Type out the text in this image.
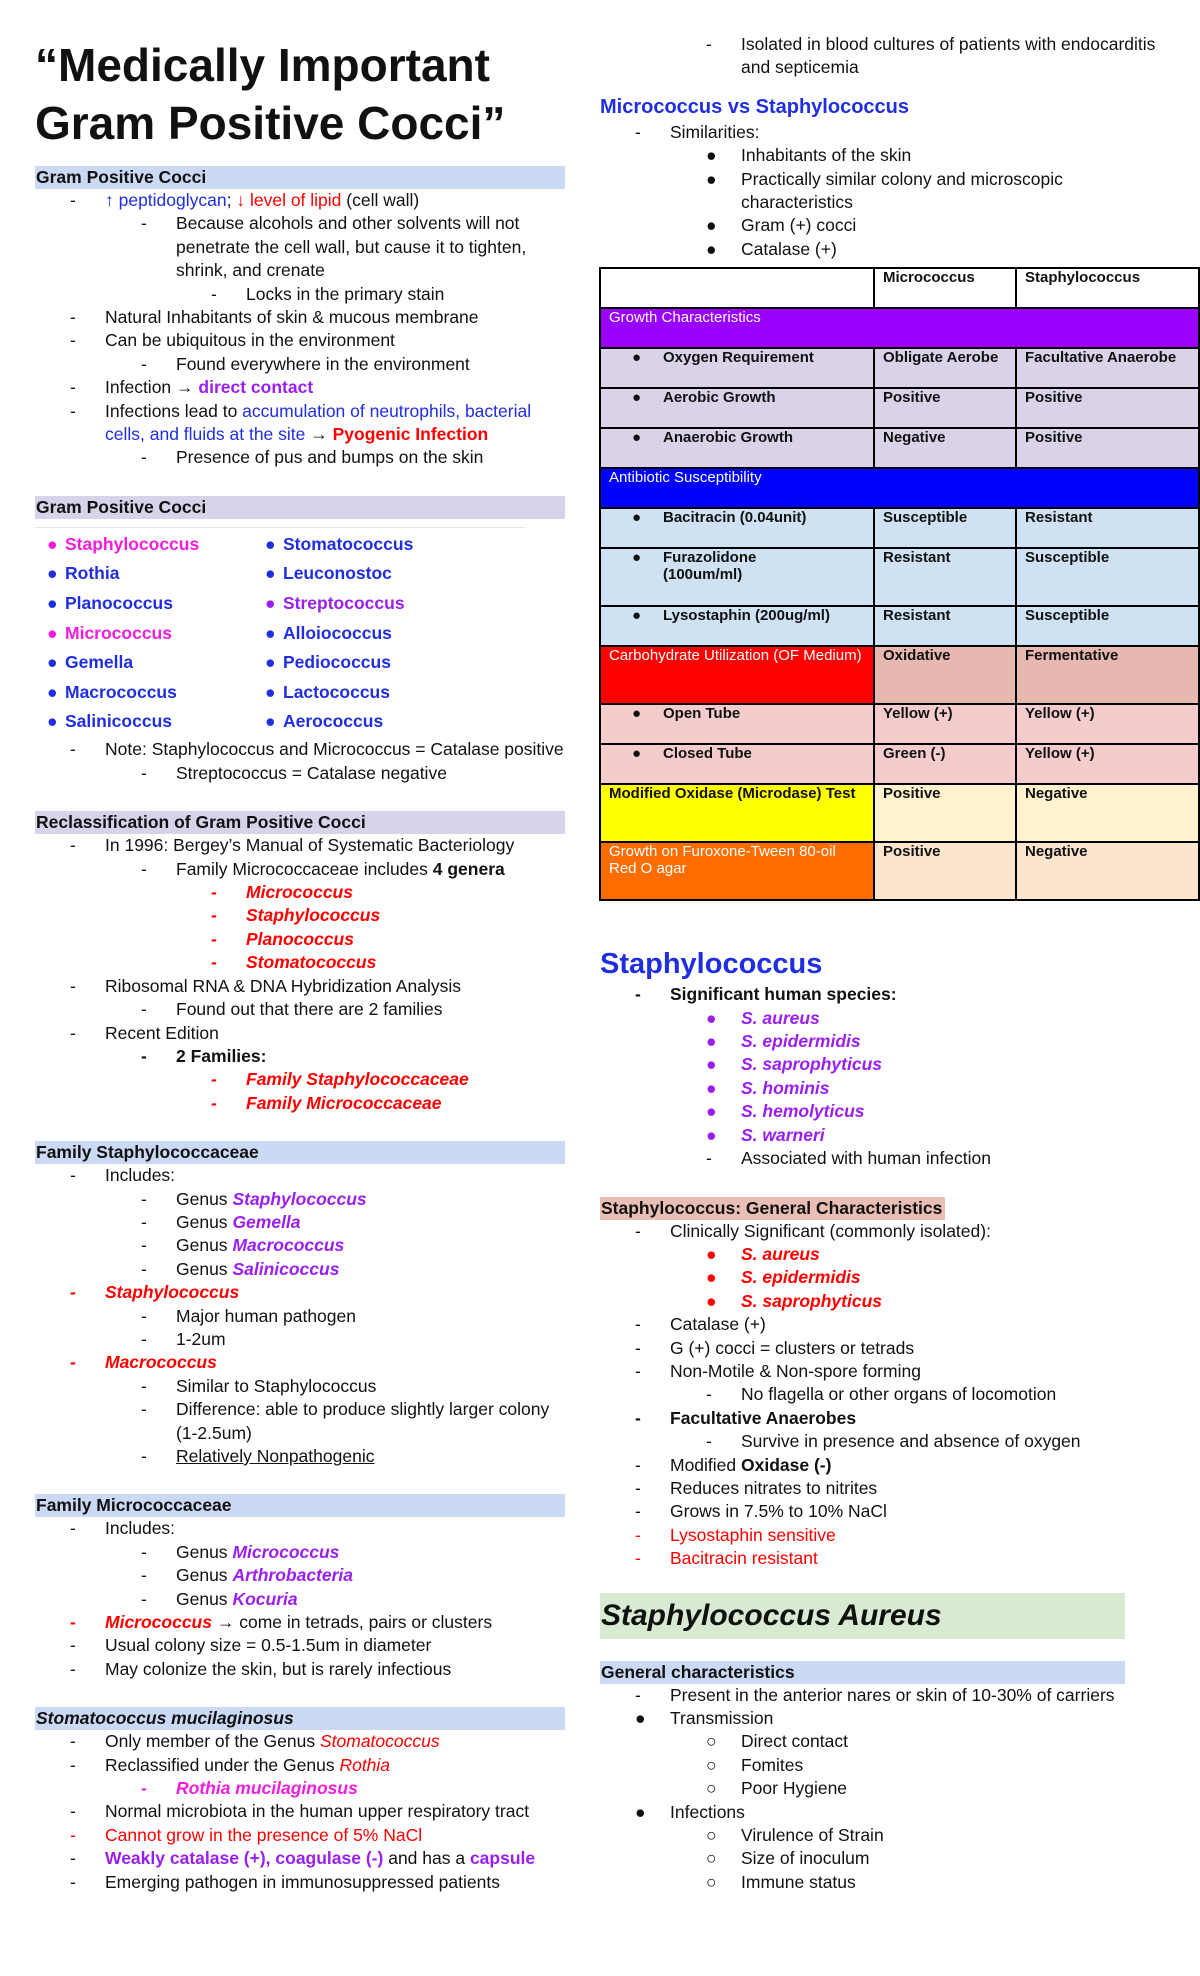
“Medically Important Gram Positive Cocci”
Gram Positive Cocci
- ↑ peptidoglycan; ↓ level of lipid (cell wall)
- Because alcohols and other solvents will not penetrate the cell wall, but cause it to tighten, shrink, and crenate
- Locks in the primary stain
- Natural Inhabitants of skin & mucous membrane
- Can be ubiquitous in the environment
- Found everywhere in the environment
- Infection → direct contact
- Infections lead to accumulation of neutrophils, bacterial cells, and fluids at the site → Pyogenic Infection
- Presence of pus and bumps on the skin
Gram Positive Cocci
● Staphylococcus	● Stomatococcus
● Rothia	● Leuconostoc
● Planococcus	● Streptococcus
● Micrococcus	● Alloiococcus
● Gemella	● Pediococcus
● Macrococcus	● Lactococcus
● Salinicoccus	● Aerococcus
- Note: Staphylococcus and Micrococcus = Catalase positive
- Streptococcus = Catalase negative
Reclassification of Gram Positive Cocci
- In 1996: Bergey’s Manual of Systematic Bacteriology
- Family Micrococcaceae includes 4 genera
- Micrococcus
- Staphylococcus
- Planococcus
- Stomatococcus
- Ribosomal RNA & DNA Hybridization Analysis
- Found out that there are 2 families
- Recent Edition
- 2 Families:
- Family Staphylococcaceae
- Family Micrococcaceae
Family Staphylococcaceae
- Includes:
- Genus Staphylococcus
- Genus Gemella
- Genus Macrococcus
- Genus Salinicoccus
- Staphylococcus
- Major human pathogen
- 1-2um
- Macrococcus
- Similar to Staphylococcus
- Difference: able to produce slightly larger colony (1-2.5um)
- Relatively Nonpathogenic
Family Micrococcaceae
- Includes:
- Genus Micrococcus
- Genus Arthrobacteria
- Genus Kocuria
- Micrococcus → come in tetrads, pairs or clusters
- Usual colony size = 0.5-1.5um in diameter
- May colonize the skin, but is rarely infectious
Stomatococcus mucilaginosus
- Only member of the Genus Stomatococcus
- Reclassified under the Genus Rothia
- Rothia mucilaginosus
- Normal microbiota in the human upper respiratory tract
- Cannot grow in the presence of 5% NaCl
- Weakly catalase (+), coagulase (-) and has a capsule
- Emerging pathogen in immunosuppressed patients
- Isolated in blood cultures of patients with endocarditis and septicemia
Micrococcus vs Staphylococcus
- Similarities:
● Inhabitants of the skin
● Practically similar colony and microscopic characteristics
● Gram (+) cocci
● Catalase (+)
	Micrococcus	Staphylococcus
Growth Characteristics		
● Oxygen Requirement	Obligate Aerobe	Facultative Anaerobe
● Aerobic Growth	Positive	Positive
● Anaerobic Growth	Negative	Positive
Antibiotic Susceptibility		
● Bacitracin (0.04unit)	Susceptible	Resistant

● Furazolidone (100um/ml)	Resistant	Susceptible
● Lysostaphin (200ug/ml)	Resistant	Susceptible
Carbohydrate Utilization (OF Medium)	Oxidative	Fermentative
● Open Tube	Yellow (+)	Yellow (+)
● Closed Tube	Green (-)	Yellow (+)
Modified Oxidase (Microdase) Test	Positive	Negative
Growth on Furoxone-Tween 80-oil Red O agar	Positive	Negative
Staphylococcus
- Significant human species:
● S. aureus
● S. epidermidis
● S. saprophyticus
● S. hominis
● S. hemolyticus
● S. warneri
- Associated with human infection
Staphylococcus: General Characteristics
- Clinically Significant (commonly isolated):
● S. aureus
● S. epidermidis
● S. saprophyticus
- Catalase (+)
- G (+) cocci = clusters or tetrads
- Non-Motile & Non-spore forming
- No flagella or other organs of locomotion
- Facultative Anaerobes
- Survive in presence and absence of oxygen
- Modified Oxidase (-)
- Reduces nitrates to nitrites
- Grows in 7.5% to 10% NaCl
- Lysostaphin sensitive
- Bacitracin resistant
Staphylococcus Aureus
General characteristics
- Present in the anterior nares or skin of 10-30% of carriers
● Transmission
○ Direct contact
○ Fomites
○ Poor Hygiene
● Infections
○ Virulence of Strain
○ Size of inoculum
○ Immune status
